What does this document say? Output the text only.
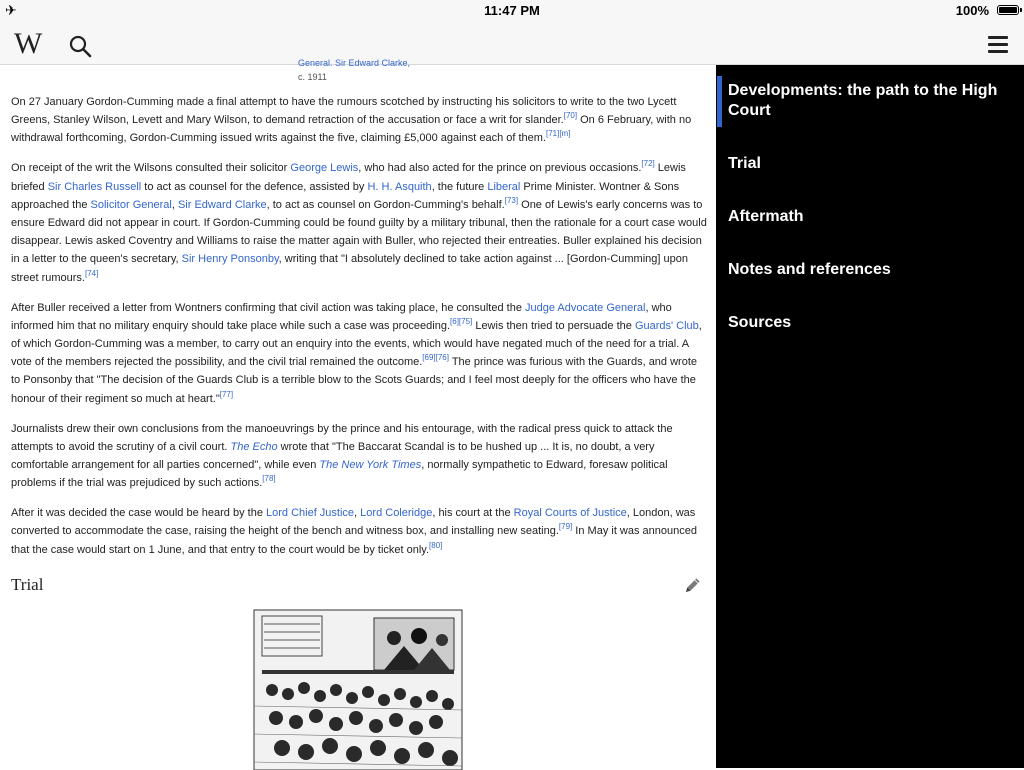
✈	11:47 PM	100%
W
General. Sir Edward Clarke,
c. 1911

On 27 January Gordon-Cumming made a final attempt to have the rumours scotched by instructing his solicitors to write to the two Lycett Greens, Stanley Wilson, Levett and Mary Wilson, to demand retraction of the accusation or face a writ for slander.[70] On 6 February, with no withdrawal forthcoming, Gordon-Cumming issued writs against the five, claiming £5,000 against each of them.[71][m]

On receipt of the writ the Wilsons consulted their solicitor George Lewis, who had also acted for the prince on previous occasions.[72] Lewis briefed Sir Charles Russell to act as counsel for the defence, assisted by H. H. Asquith, the future Liberal Prime Minister. Wontner & Sons approached the Solicitor General, Sir Edward Clarke, to act as counsel on Gordon-Cumming's behalf.[73] One of Lewis's early concerns was to ensure Edward did not appear in court. If Gordon-Cumming could be found guilty by a military tribunal, then the rationale for a court case would disappear. Lewis asked Coventry and Williams to raise the matter again with Buller, who rejected their entreaties. Buller explained his decision in a letter to the queen's secretary, Sir Henry Ponsonby, writing that "I absolutely declined to take action against ... [Gordon-Cumming] upon street rumours.[74]

After Buller received a letter from Wontners confirming that civil action was taking place, he consulted the Judge Advocate General, who informed him that no military enquiry should take place while such a case was proceeding.[6][75] Lewis then tried to persuade the Guards' Club, of which Gordon-Cumming was a member, to carry out an enquiry into the events, which would have negated much of the need for a trial. A vote of the members rejected the possibility, and the civil trial remained the outcome.[69][76] The prince was furious with the Guards, and wrote to Ponsonby that "The decision of the Guards Club is a terrible blow to the Scots Guards; and I feel most deeply for the officers who have the honour of their regiment so much at heart."[77]

Journalists drew their own conclusions from the manoeuvrings by the prince and his entourage, with the radical press quick to attack the attempts to avoid the scrutiny of a civil court. The Echo wrote that "The Baccarat Scandal is to be hushed up ... It is, no doubt, a very comfortable arrangement for all parties concerned", while even The New York Times, normally sympathetic to Edward, foresaw political problems if the trial was prejudiced by such actions.[78]

After it was decided the case would be heard by the Lord Chief Justice, Lord Coleridge, his court at the Royal Courts of Justice, London, was converted to accommodate the case, raising the height of the bench and witness box, and installing new seating.[79] In May it was announced that the case would start on 1 June, and that entry to the court would be by ticket only.[80]

Trial
Developments: the path to the High Court
Trial
Aftermath
Notes and references
Sources
